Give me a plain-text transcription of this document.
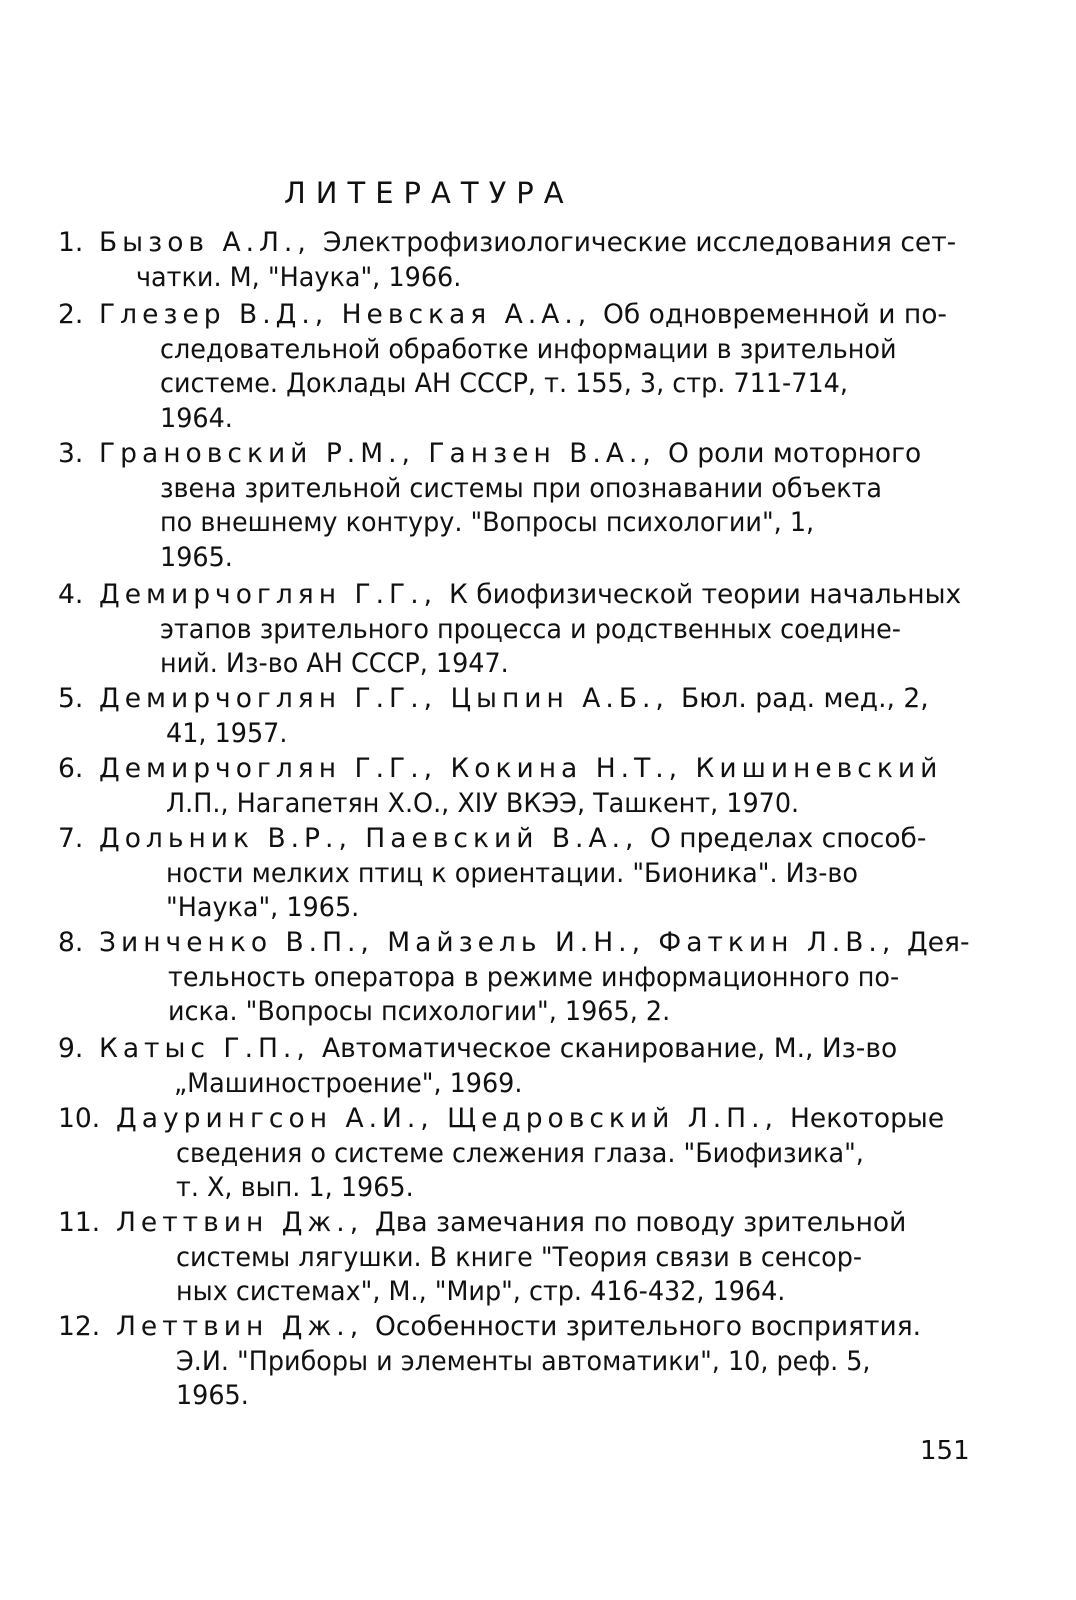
ЛИТЕРАТУРА
1. Бызов А.Л., Электрофизиологические исследования сет-
чатки. М, "Наука", 1966.
2. Глезер В.Д., Невская А.А., Об одновременной и по-
следовательной обработке информации в зрительной
системе. Доклады АН СССР, т. 155, 3, стр. 711-714,
1964.
3. Грановский Р.М., Ганзен В.А., О роли моторного
звена зрительной системы при опознавании объекта
по внешнему контуру. "Вопросы психологии", 1,
1965.
4. Демирчоглян Г.Г., К биофизической теории начальных
этапов зрительного процесса и родственных соедине-
ний. Из-во АН СССР, 1947.
5. Демирчоглян Г.Г., Цыпин А.Б., Бюл. рад. мед., 2,
41, 1957.
6. Демирчоглян Г.Г., Кокина Н.Т., Кишиневский
Л.П., Нагапетян Х.О., XIУ ВКЭЭ, Ташкент, 1970.
7. Дольник В.Р., Паевский В.А., О пределах способ-
ности мелких птиц к ориентации. "Бионика". Из-во
"Наука", 1965.
8. Зинченко В.П., Майзель И.Н., Фаткин Л.В., Дея-
тельность оператора в режиме информационного по-
иска. "Вопросы психологии", 1965, 2.
9. Катыс Г.П., Автоматическое сканирование, М., Из-во
„Машиностроение", 1969.
10. Даурингсон А.И., Щедровский Л.П., Некоторые
сведения о системе слежения глаза. "Биофизика",
т. X, вып. 1, 1965.
11. Леттвин Дж., Два замечания по поводу зрительной
системы лягушки. В книге "Теория связи в сенсор-
ных системах", М., "Мир", стр. 416-432, 1964.
12. Леттвин Дж., Особенности зрительного восприятия.
Э.И. "Приборы и элементы автоматики", 10, реф. 5,
1965.
151
